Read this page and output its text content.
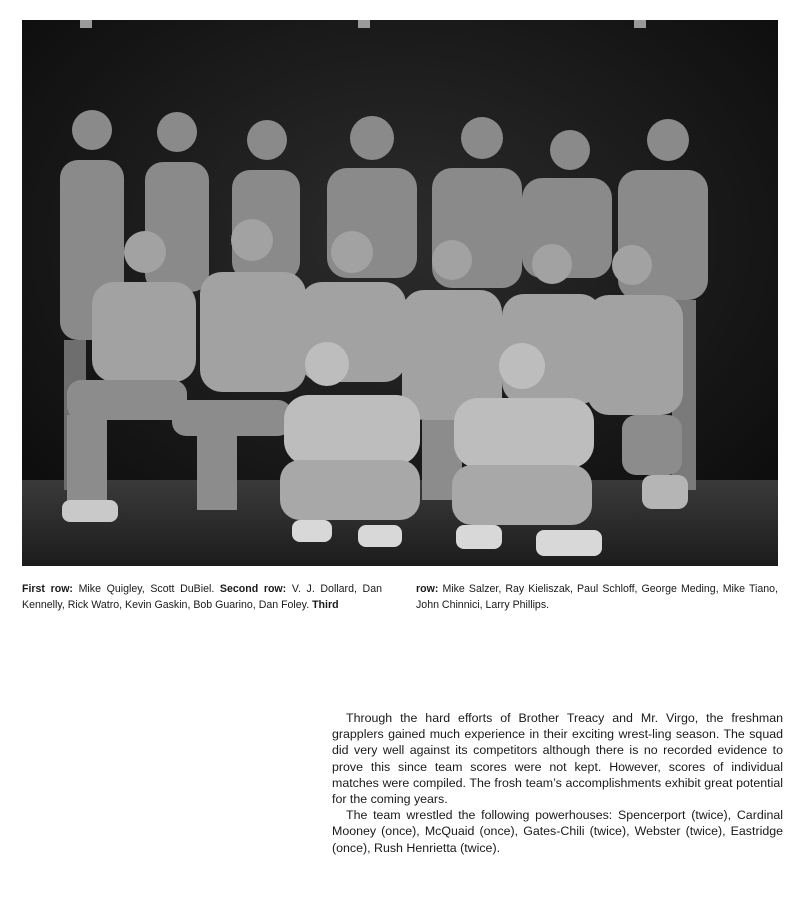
First row: Mike Quigley, Scott DuBiel. Second row: V. J. Dollard, Dan Kennelly, Rick Watro, Kevin Gaskin, Bob Guarino, Dan Foley. Third
row: Mike Salzer, Ray Kieliszak, Paul Schloff, George Meding, Mike Tiano, John Chinnici, Larry Phillips.

Through the hard efforts of Brother Treacy and Mr. Virgo, the freshman grapplers gained much experience in their exciting wrest-ling season. The squad did very well against its competitors although there is no recorded evidence to prove this since team scores were not kept. However, scores of individual matches were compiled. The frosh team’s accomplishments exhibit great potential for the coming years.

The team wrestled the following powerhouses: Spencerport (twice), Cardinal Mooney (once), McQuaid (once), Gates-Chili (twice), Webster (twice), Eastridge (once), Rush Henrietta (twice).
